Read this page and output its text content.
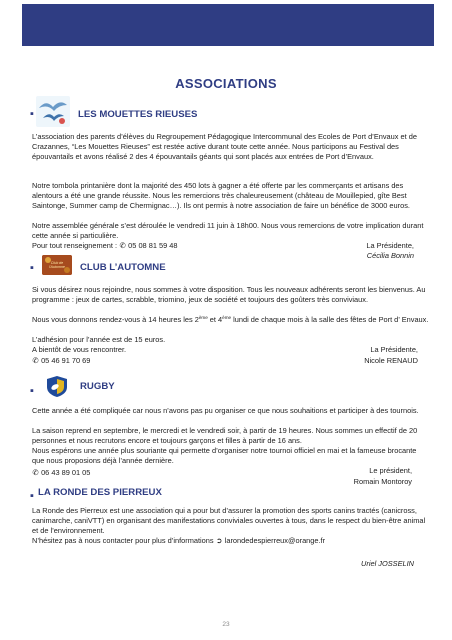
ASSOCIATIONS
▪	LES MOUETTES RIEUSES

L’association des parents d’élèves du Regroupement Pédagogique Intercommunal des Ecoles de Port d’Envaux et de Crazannes, “Les Mouettes Rieuses” est restée active durant toute cette année. Nous participons au Festival des épouvantails et avons réalisé 2 des 4 épouvantails géants qui sont placés aux entrées de Port d’Envaux.

Notre tombola printanière dont la majorité des 450 lots à gagner a été offerte par les commerçants et artisans des alentours a été une grande réussite. Nous les remercions très chaleureusement (château de Mouillepied, gîte Best Saintonge, Summer camp de Chermignac…). Ils ont permis à notre association de faire un bénéfice de 3000 euros.

Notre assemblée générale s’est déroulée le vendredi 11 juin à 18h00. Nous vous remercions de votre implication durant cette année si particulière.

Pour tout renseignement : ✆ 05 08 81 59 48	La Présidente,
Cécilia Bonnin
▪	Club de l'Automne	CLUB L’AUTOMNE

Si vous désirez nous rejoindre, nous sommes à votre disposition. Tous les nouveaux adhérents seront les bienvenus. Au programme : jeux de cartes, scrabble, triomino, jeux de société et toujours des goûters très conviviaux.

Nous vous donnons rendez-vous à 14 heures les 2ème et 4ème lundi de chaque mois à la salle des fêtes de Port d’ Envaux.

L’adhésion pour l’année est de 15 euros.

A bientôt de vous rencontrer.

✆ 05 46 91 70 69
La Présidente,
Nicole RENAUD
▪	RUGBY

Cette année a été compliquée car nous n’avons pas pu organiser ce que nous souhaitions et participer à des tournois.

La saison reprend en septembre, le mercredi et le vendredi soir, à partir de 19 heures. Nous sommes un effectif de 20 personnes et nous recrutons encore et toujours garçons et filles à partir de 16 ans.

Nous espérons une année plus souriante qui permette d’organiser notre tournoi officiel en mai et la fameuse brocante que nous proposions déjà l’année dernière.

✆ 06 43 89 01 05	Le président,
Romain Montoroy
▪ LA RONDE DES PIERREUX

La Ronde des Pierreux est une association qui a pour but d’assurer la promotion des sports canins tractés (canicross, canimarche, caniVTT) en organisant des manifestations conviviales ouvertes à tous, dans le respect du bien-être animal et de l’environnement.

N’hésitez pas à nous contacter pour plus d’informations ➲ larondedespierreux@orange.fr
Uriel JOSSELIN
23
